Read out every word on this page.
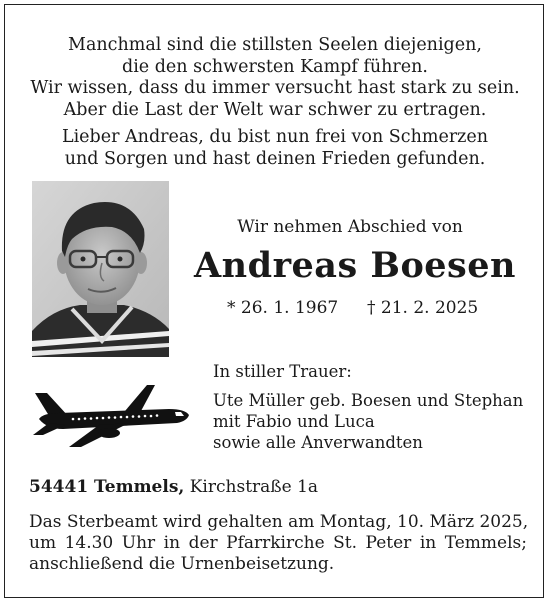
Manchmal sind die stillsten Seelen diejenigen,
die den schwersten Kampf führen.
Wir wissen, dass du immer versucht hast stark zu sein.
Aber die Last der Welt war schwer zu ertragen.
Lieber Andreas, du bist nun frei von Schmerzen
und Sorgen und hast deinen Frieden gefunden.
Wir nehmen Abschied von
Andreas Boesen
* 26. 1. 1967 † 21. 2. 2025
In stiller Trauer:
Ute Müller geb. Boesen und Stephan
mit Fabio und Luca
sowie alle Anverwandten
54441 Temmels, Kirchstraße 1a
Das Sterbeamt wird gehalten am Montag, 10. März 2025,
um 14.30 Uhr in der Pfarrkirche St. Peter in Temmels;
anschließend die Urnenbeisetzung.
